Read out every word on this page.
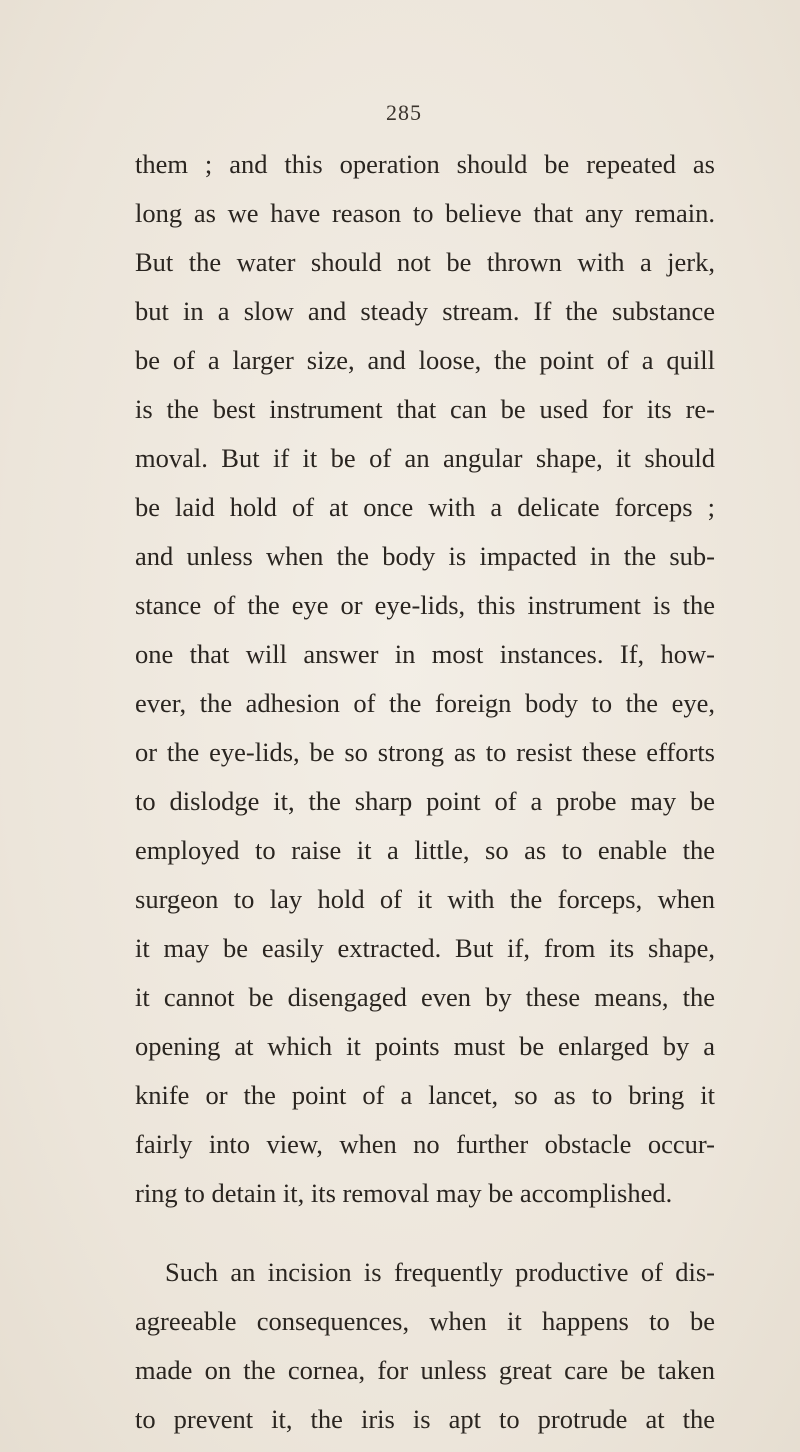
285
them ; and this operation should be repeated as
long as we have reason to believe that any remain.
But the water should not be thrown with a jerk,
but in a slow and steady stream. If the substance
be of a larger size, and loose, the point of a quill
is the best instrument that can be used for its re-
moval. But if it be of an angular shape, it should
be laid hold of at once with a delicate forceps ;
and unless when the body is impacted in the sub-
stance of the eye or eye-lids, this instrument is the
one that will answer in most instances. If, how-
ever, the adhesion of the foreign body to the eye,
or the eye-lids, be so strong as to resist these efforts
to dislodge it, the sharp point of a probe may be
employed to raise it a little, so as to enable the
surgeon to lay hold of it with the forceps, when
it may be easily extracted. But if, from its shape,
it cannot be disengaged even by these means, the
opening at which it points must be enlarged by a
knife or the point of a lancet, so as to bring it
fairly into view, when no further obstacle occur-
ring to detain it, its removal may be accomplished.
Such an incision is frequently productive of dis-
agreeable consequences, when it happens to be
made on the cornea, for unless great care be taken
to prevent it, the iris is apt to protrude at the
